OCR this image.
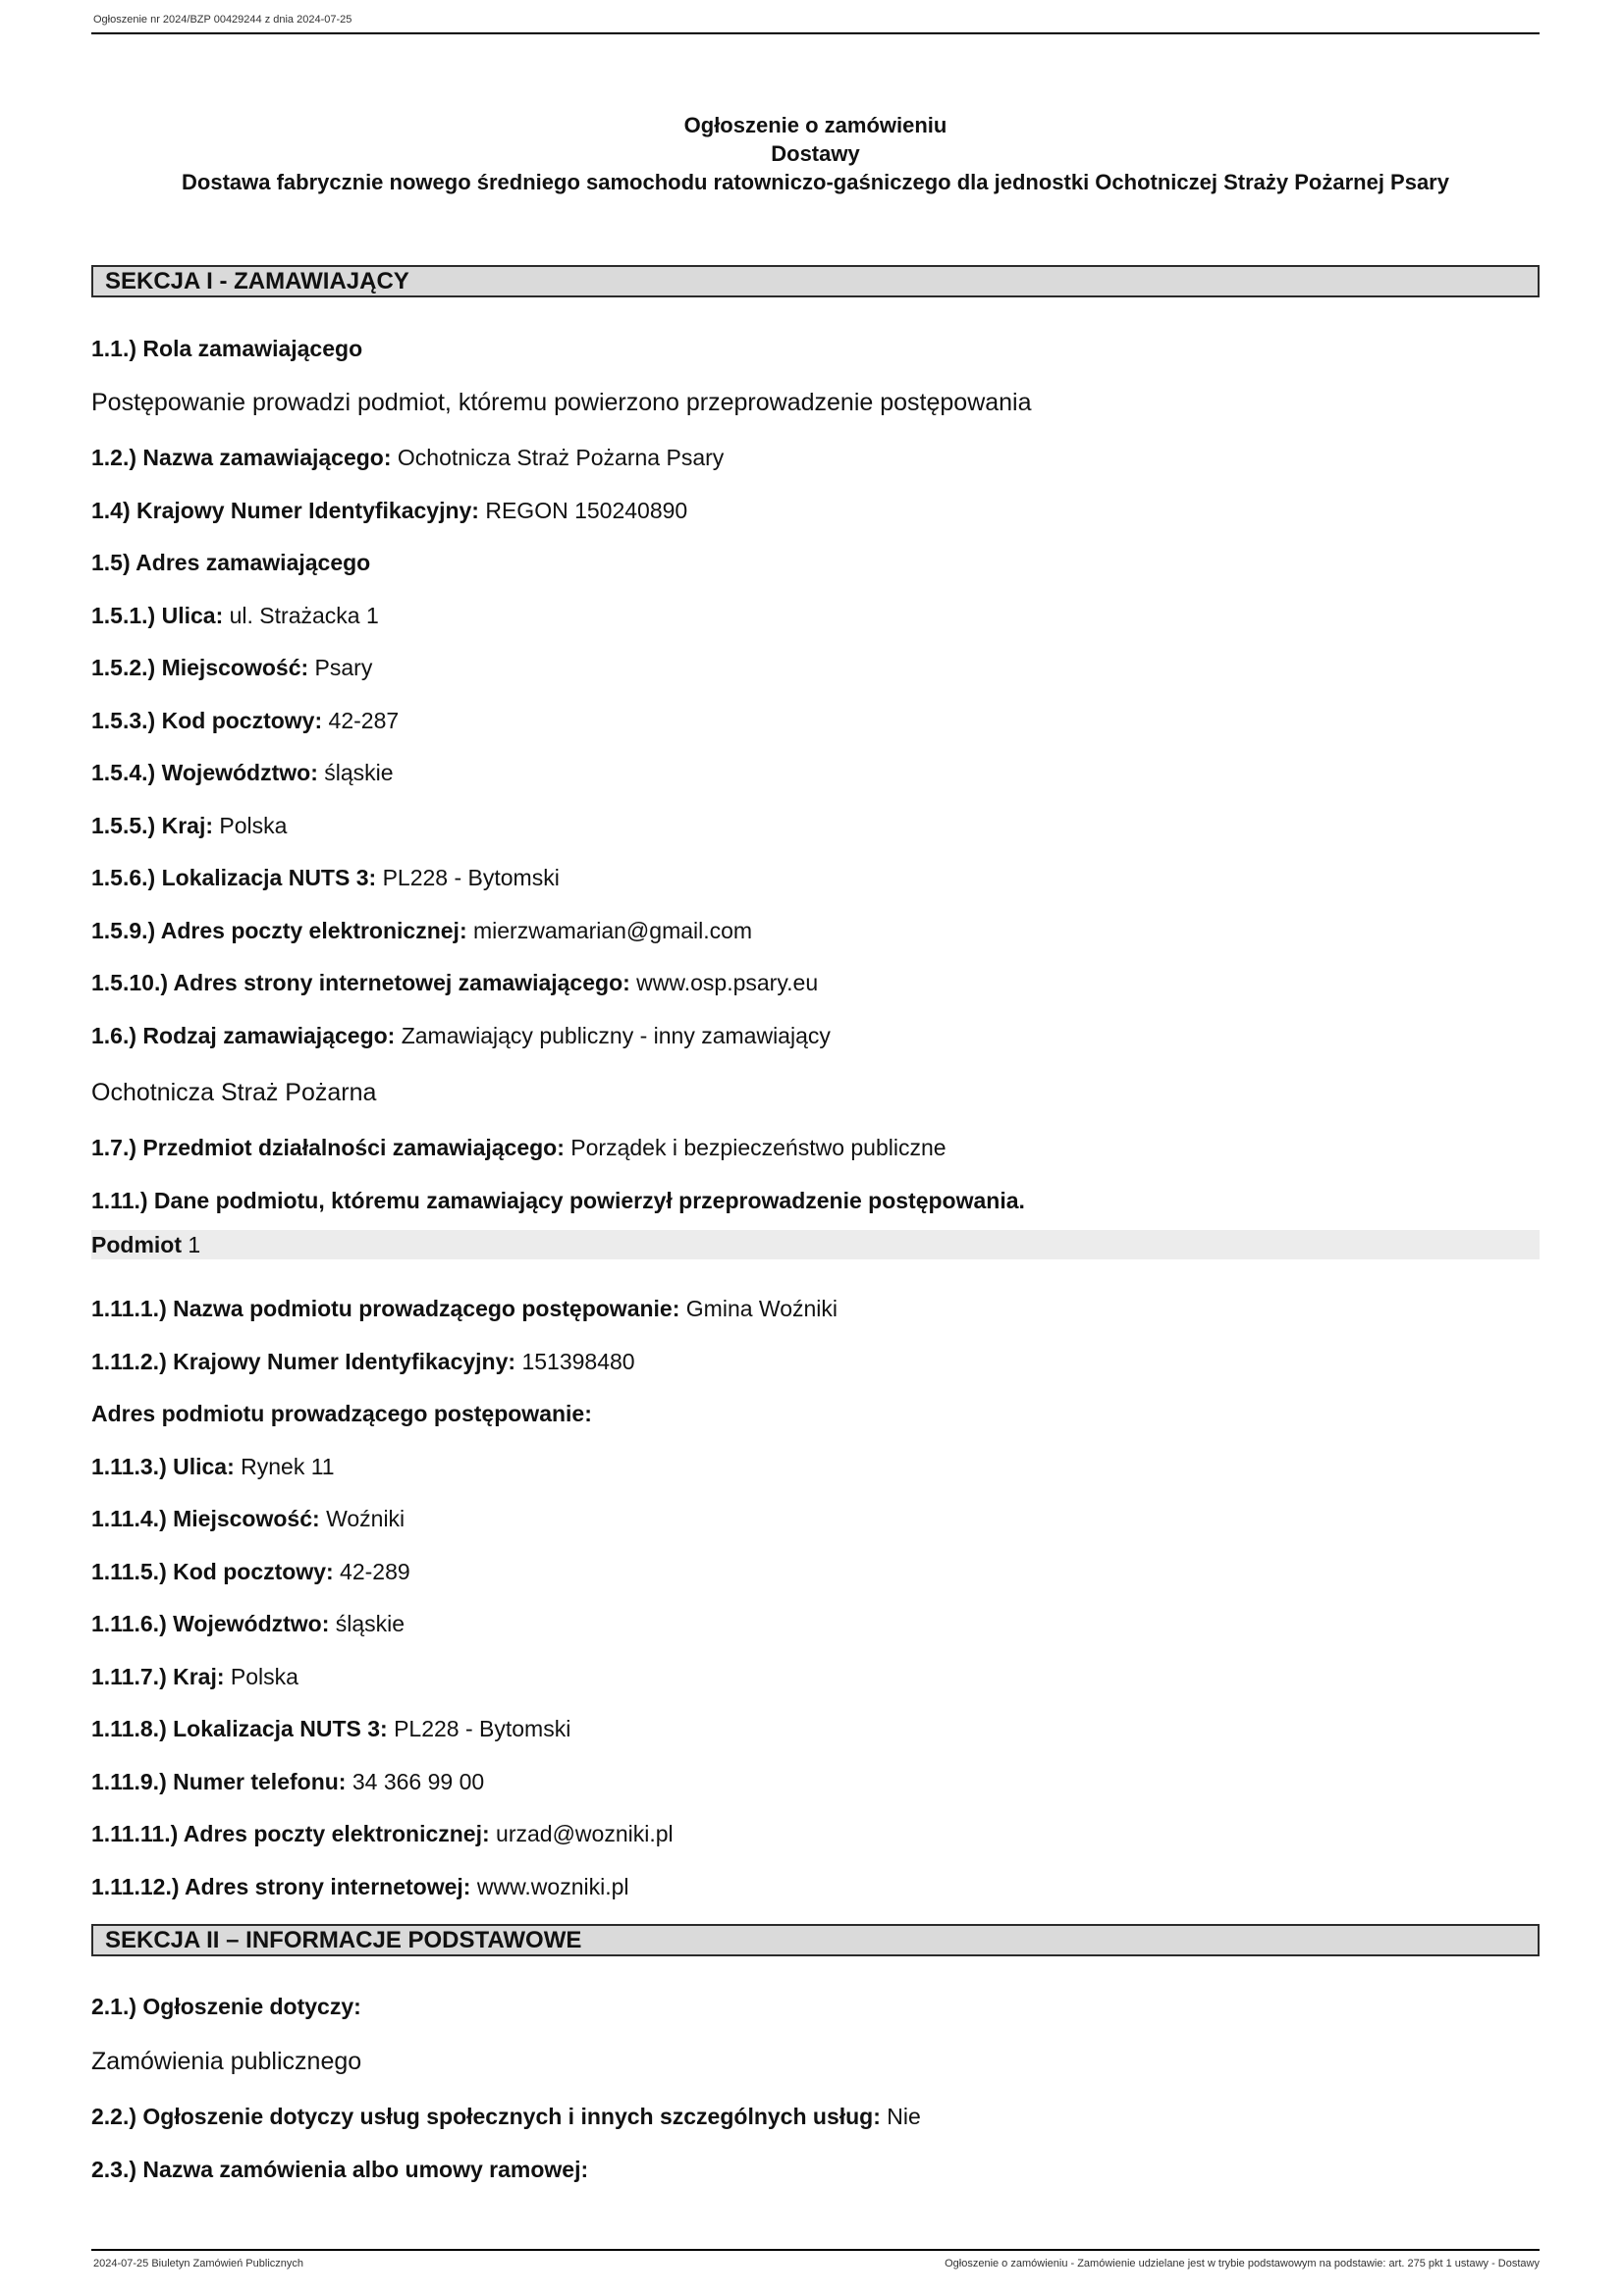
Ogłoszenie nr 2024/BZP 00429244 z dnia 2024-07-25
Ogłoszenie o zamówieniu
Dostawy
Dostawa fabrycznie nowego średniego samochodu ratowniczo-gaśniczego dla jednostki Ochotniczej Straży Pożarnej Psary
SEKCJA I - ZAMAWIAJĄCY
1.1.) Rola zamawiającego
Postępowanie prowadzi podmiot, któremu powierzono przeprowadzenie postępowania
1.2.) Nazwa zamawiającego: Ochotnicza Straż Pożarna Psary
1.4) Krajowy Numer Identyfikacyjny: REGON 150240890
1.5) Adres zamawiającego
1.5.1.) Ulica: ul. Strażacka 1
1.5.2.) Miejscowość: Psary
1.5.3.) Kod pocztowy: 42-287
1.5.4.) Województwo: śląskie
1.5.5.) Kraj: Polska
1.5.6.) Lokalizacja NUTS 3: PL228 - Bytomski
1.5.9.) Adres poczty elektronicznej: mierzwamarian@gmail.com
1.5.10.) Adres strony internetowej zamawiającego: www.osp.psary.eu
1.6.) Rodzaj zamawiającego: Zamawiający publiczny - inny zamawiający
Ochotnicza Straż Pożarna
1.7.) Przedmiot działalności zamawiającego: Porządek i bezpieczeństwo publiczne
1.11.) Dane podmiotu, któremu zamawiający powierzył przeprowadzenie postępowania.
Podmiot 1
1.11.1.) Nazwa podmiotu prowadzącego postępowanie: Gmina Woźniki
1.11.2.) Krajowy Numer Identyfikacyjny: 151398480
Adres podmiotu prowadzącego postępowanie:
1.11.3.) Ulica: Rynek 11
1.11.4.) Miejscowość: Woźniki
1.11.5.) Kod pocztowy: 42-289
1.11.6.) Województwo: śląskie
1.11.7.) Kraj: Polska
1.11.8.) Lokalizacja NUTS 3: PL228 - Bytomski
1.11.9.) Numer telefonu: 34 366 99 00
1.11.11.) Adres poczty elektronicznej: urzad@wozniki.pl
1.11.12.) Adres strony internetowej: www.wozniki.pl
SEKCJA II – INFORMACJE PODSTAWOWE
2.1.) Ogłoszenie dotyczy:
Zamówienia publicznego
2.2.) Ogłoszenie dotyczy usług społecznych i innych szczególnych usług: Nie
2.3.) Nazwa zamówienia albo umowy ramowej:
2024-07-25 Biuletyn Zamówień Publicznych	Ogłoszenie o zamówieniu - Zamówienie udzielane jest w trybie podstawowym na podstawie: art. 275 pkt 1 ustawy - Dostawy
